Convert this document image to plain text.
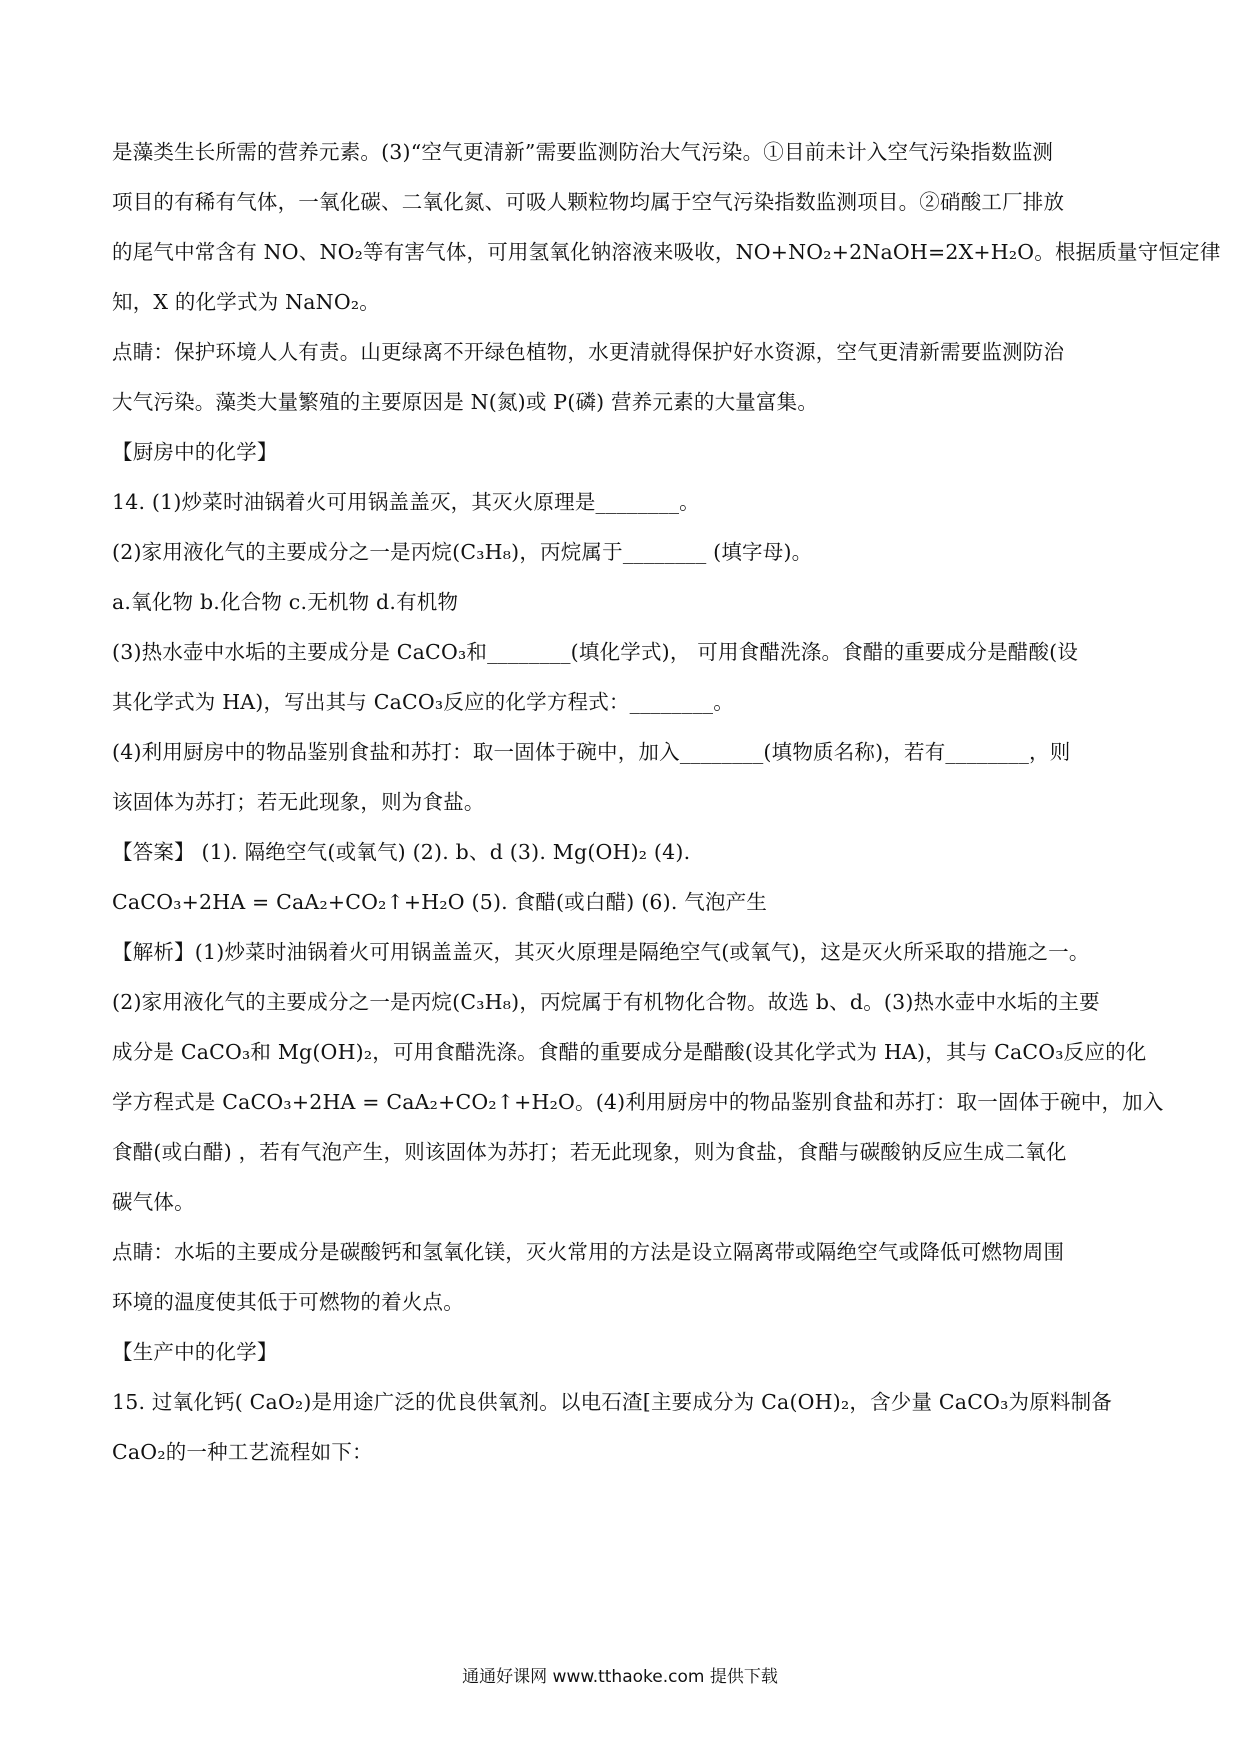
是藻类生长所需的营养元素。(3)“空气更清新”需要监测防治大气污染。①目前未计入空气污染指数监测
项目的有稀有气体，一氧化碳、二氧化氮、可吸人颗粒物均属于空气污染指数监测项目。②硝酸工厂排放
的尾气中常含有 NO、NO₂等有害气体，可用氢氧化钠溶液来吸收，NO+NO₂+2NaOH=2X+H₂O。根据质量守恒定律
知，X 的化学式为 NaNO₂。
点睛：保护环境人人有责。山更绿离不开绿色植物，水更清就得保护好水资源，空气更清新需要监测防治
大气污染。藻类大量繁殖的主要原因是 N(氮)或 P(磷) 营养元素的大量富集。
【厨房中的化学】
14. (1)炒菜时油锅着火可用锅盖盖灭，其灭火原理是________。
(2)家用液化气的主要成分之一是丙烷(C₃H₈)，丙烷属于________ (填字母)。
a.氧化物 b.化合物 c.无机物 d.有机物
(3)热水壶中水垢的主要成分是 CaCO₃和________(填化学式)， 可用食醋洗涤。食醋的重要成分是醋酸(设
其化学式为 HA)，写出其与 CaCO₃反应的化学方程式：________。
(4)利用厨房中的物品鉴别食盐和苏打：取一固体于碗中，加入________(填物质名称)，若有________，则
该固体为苏打；若无此现象，则为食盐。
【答案】 (1). 隔绝空气(或氧气) (2). b、d (3). Mg(OH)₂ (4).
CaCO₃+2HA = CaA₂+CO₂↑+H₂O (5). 食醋(或白醋) (6). 气泡产生
【解析】(1)炒菜时油锅着火可用锅盖盖灭，其灭火原理是隔绝空气(或氧气)，这是灭火所采取的措施之一。
(2)家用液化气的主要成分之一是丙烷(C₃H₈)，丙烷属于有机物化合物。故选 b、d。(3)热水壶中水垢的主要
成分是 CaCO₃和 Mg(OH)₂，可用食醋洗涤。食醋的重要成分是醋酸(设其化学式为 HA)，其与 CaCO₃反应的化
学方程式是 CaCO₃+2HA = CaA₂+CO₂↑+H₂O。(4)利用厨房中的物品鉴别食盐和苏打：取一固体于碗中，加入
食醋(或白醋) ，若有气泡产生，则该固体为苏打；若无此现象，则为食盐，食醋与碳酸钠反应生成二氧化
碳气体。
点睛：水垢的主要成分是碳酸钙和氢氧化镁，灭火常用的方法是设立隔离带或隔绝空气或降低可燃物周围
环境的温度使其低于可燃物的着火点。
【生产中的化学】
15. 过氧化钙( CaO₂)是用途广泛的优良供氧剂。以电石渣[主要成分为 Ca(OH)₂，含少量 CaCO₃为原料制备
CaO₂的一种工艺流程如下：
通通好课网 www.tthaoke.com 提供下载
